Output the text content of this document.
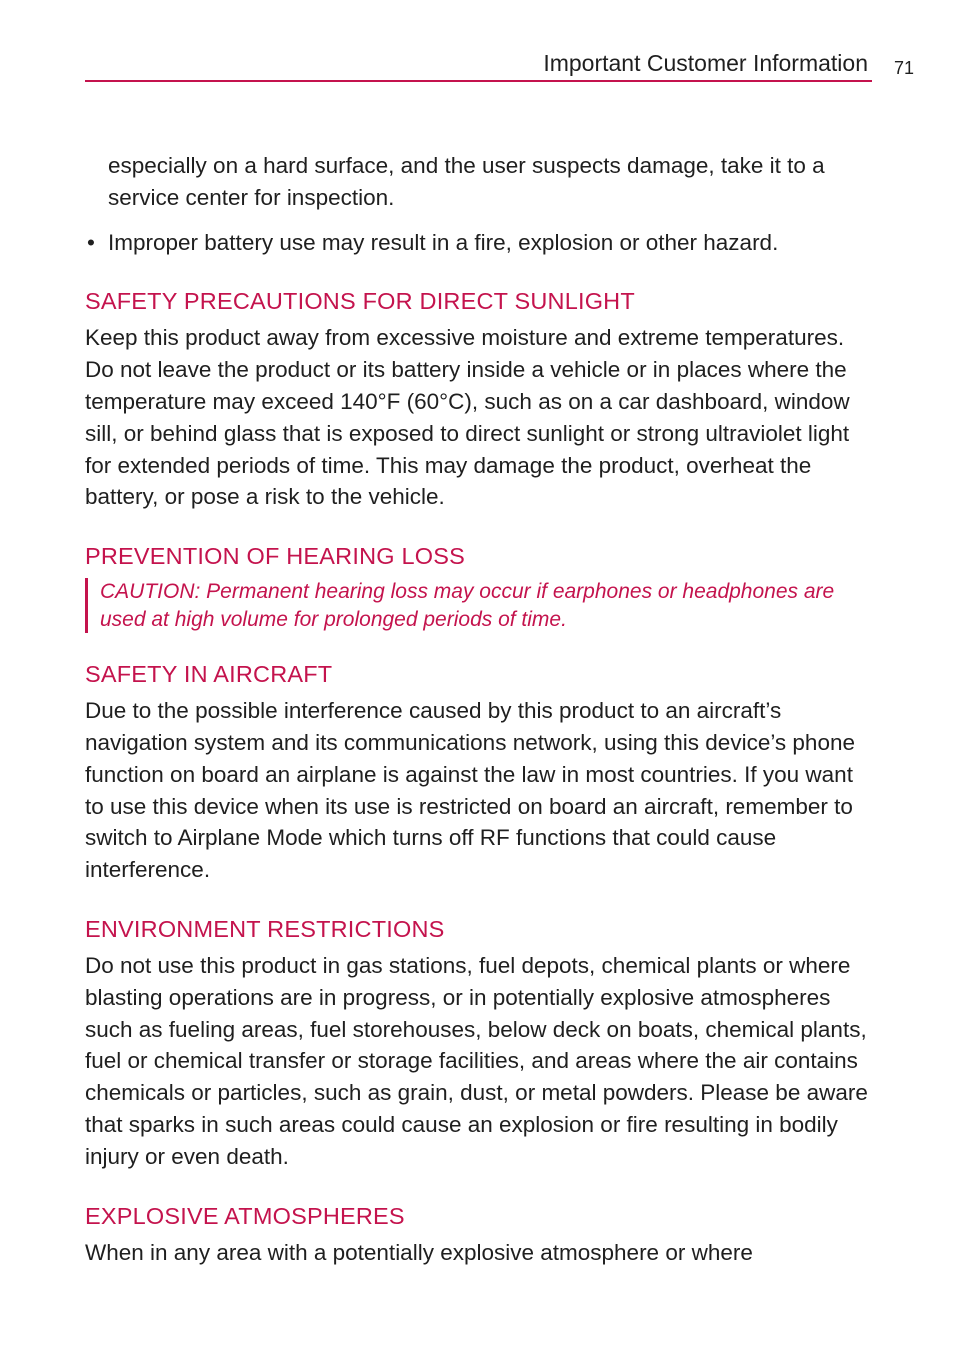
Important Customer Information 71

especially on a hard surface, and the user suspects damage, take it to a service center for inspection.

• Improper battery use may result in a fire, explosion or other hazard.

SAFETY PRECAUTIONS FOR DIRECT SUNLIGHT

Keep this product away from excessive moisture and extreme temperatures. Do not leave the product or its battery inside a vehicle or in places where the temperature may exceed 140°F (60°C), such as on a car dashboard, window sill, or behind glass that is exposed to direct sunlight or strong ultraviolet light for extended periods of time. This may damage the product, overheat the battery, or pose a risk to the vehicle.

PREVENTION OF HEARING LOSS
CAUTION: Permanent hearing loss may occur if earphones or headphones are used at high volume for prolonged periods of time.
SAFETY IN AIRCRAFT

Due to the possible interference caused by this product to an aircraft’s navigation system and its communications network, using this device’s phone function on board an airplane is against the law in most countries. If you want to use this device when its use is restricted on board an aircraft, remember to switch to Airplane Mode which turns off RF functions that could cause interference.

ENVIRONMENT RESTRICTIONS

Do not use this product in gas stations, fuel depots, chemical plants or where blasting operations are in progress, or in potentially explosive atmospheres such as fueling areas, fuel storehouses, below deck on boats, chemical plants, fuel or chemical transfer or storage facilities, and areas where the air contains chemicals or particles, such as grain, dust, or metal powders. Please be aware that sparks in such areas could cause an explosion or fire resulting in bodily injury or even death.

EXPLOSIVE ATMOSPHERES

When in any area with a potentially explosive atmosphere or where
